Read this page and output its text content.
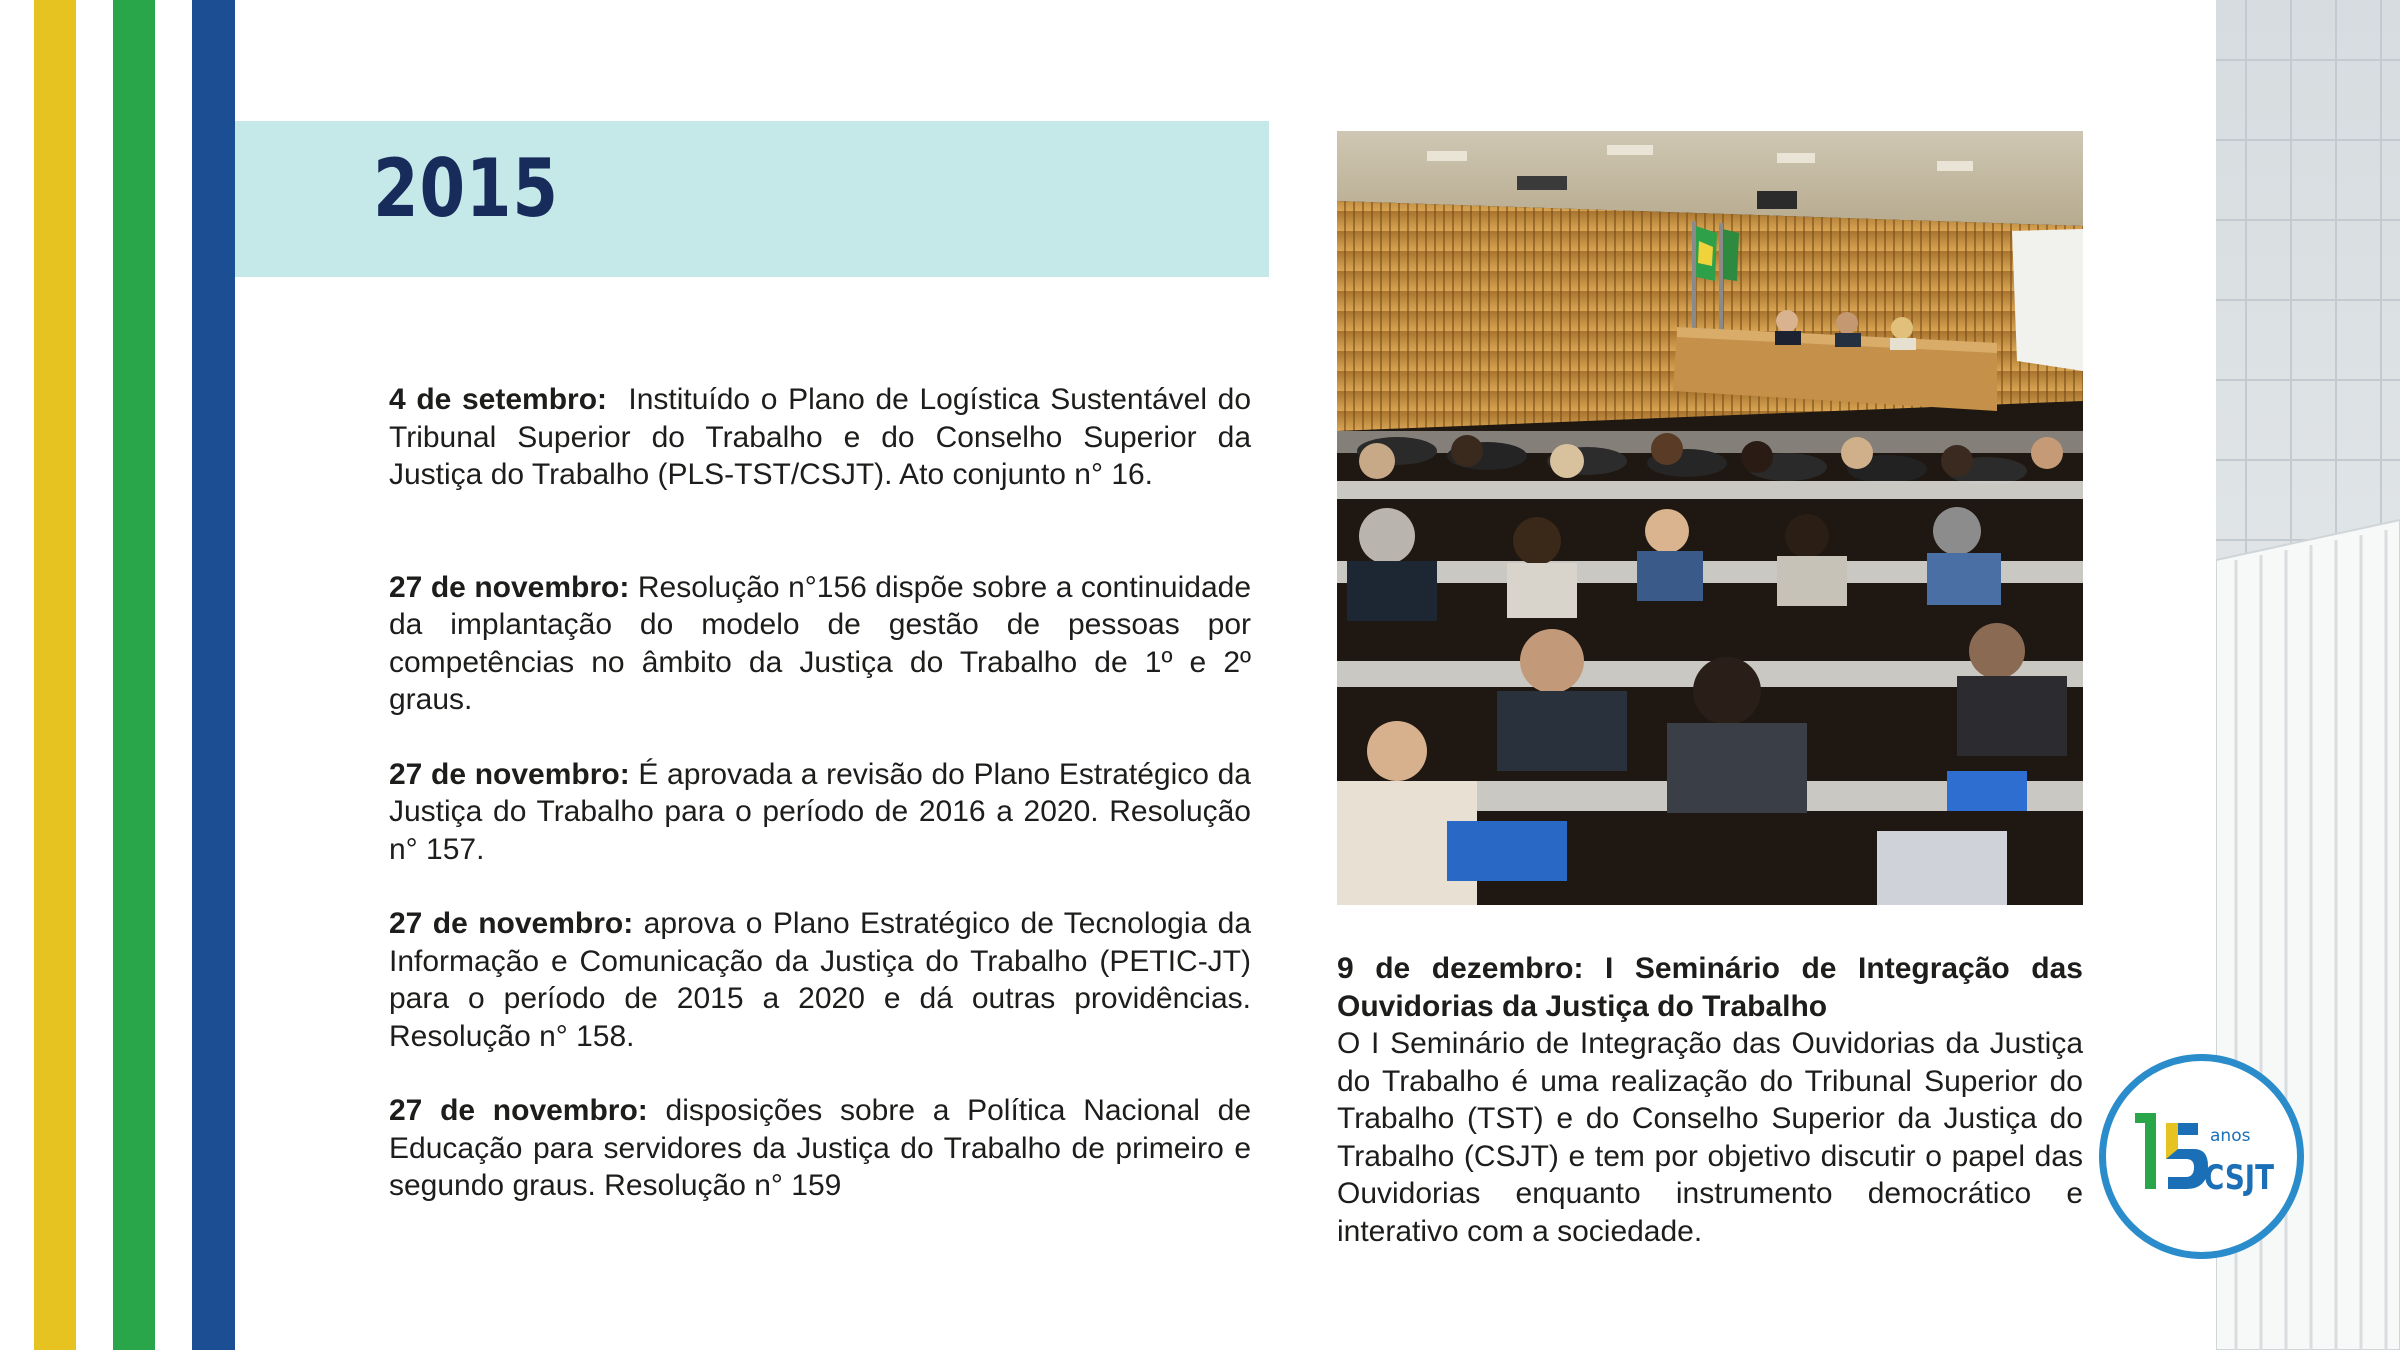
2015

4 de setembro: Instituído o Plano de Logística Sustentável do Tribunal Superior do Trabalho e do Conselho Superior da Justiça do Trabalho (PLS-TST/CSJT). Ato conjunto n° 16.

27 de novembro: Resolução n°156 dispõe sobre a continuidade da implantação do modelo de gestão de pessoas por competências no âmbito da Justiça do Trabalho de 1º e 2º graus.

27 de novembro: É aprovada a revisão do Plano Estratégico da Justiça do Trabalho para o período de 2016 a 2020. Resolução n° 157.

27 de novembro: aprova o Plano Estratégico de Tecnologia da Informação e Comunicação da Justiça do Trabalho (PETIC-JT) para o período de 2015 a 2020 e dá outras providências. Resolução n° 158.

27 de novembro: disposições sobre a Política Nacional de Educação para servidores da Justiça do Trabalho de primeiro e segundo graus. Resolução n° 159

9 de dezembro: I Seminário de Integração das Ouvidorias da Justiça do Trabalho

O I Seminário de Integração das Ouvidorias da Justiça do Trabalho é uma realização do Tribunal Superior do Trabalho (TST) e do Conselho Superior da Justiça do Trabalho (CSJT) e tem por objetivo discutir o papel das Ouvidorias enquanto instrumento democrático e interativo com a sociedade.

anos
CSJT
15
